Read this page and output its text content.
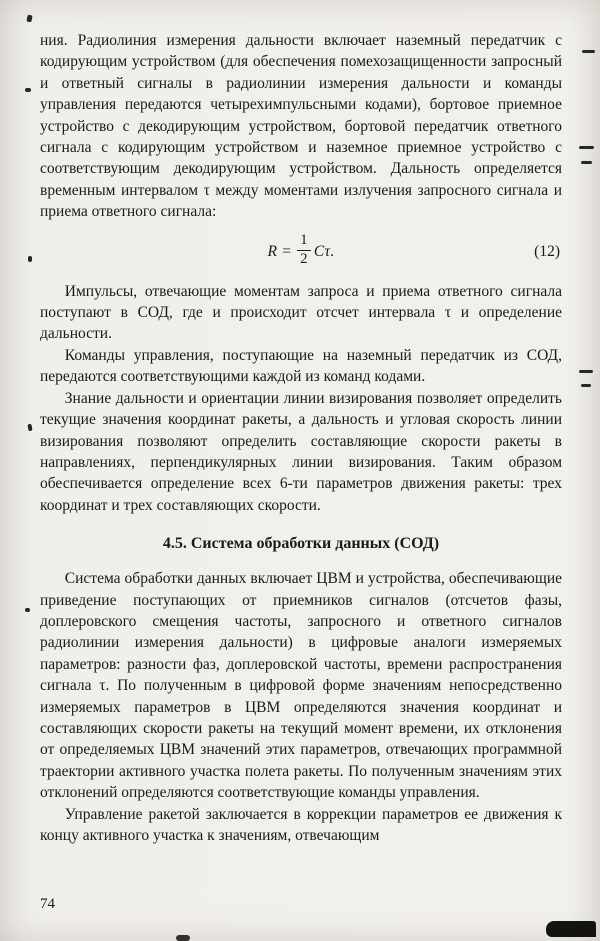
ния. Радиолиния измерения дальности включает наземный передатчик с кодирующим устройством (для обеспечения помехозащищенности запросный и ответный сигналы в радиолинии измерения дальности и команды управления передаются четырехимпульсными кодами), бортовое приемное устройство с декодирующим устройством, бортовой передатчик ответного сигнала с кодирующим устройством и наземное приемное устройство с соответствующим декодирующим устройством. Дальность определяется временным интервалом τ между моментами излучения запросного сигнала и приема ответного сигнала:

$R = \frac{1}{2} C\tau$.	(12)

Импульсы, отвечающие моментам запроса и приема ответного сигнала поступают в СОД, где и происходит отсчет интервала τ и определение дальности.

Команды управления, поступающие на наземный передатчик из СОД, передаются соответствующими каждой из команд кодами.

Знание дальности и ориентации линии визирования позволяет определить текущие значения координат ракеты, а дальность и угловая скорость линии визирования позволяют определить составляющие скорости ракеты в направлениях, перпендикулярных линии визирования. Таким образом обеспечивается определение всех 6-ти параметров движения ракеты: трех координат и трех составляющих скорости.

4.5. Система обработки данных (СОД)

Система обработки данных включает ЦВМ и устройства, обеспечивающие приведение поступающих от приемников сигналов (отсчетов фазы, доплеровского смещения частоты, запросного и ответного сигналов радиолинии измерения дальности) в цифровые аналоги измеряемых параметров: разности фаз, доплеровской частоты, времени распространения сигнала τ. По полученным в цифровой форме значениям непосредственно измеряемых параметров в ЦВМ определяются значения координат и составляющих скорости ракеты на текущий момент времени, их отклонения от определяемых ЦВМ значений этих параметров, отвечающих программной траектории активного участка полета ракеты. По полученным значениям этих отклонений определяются соответствующие команды управления.

Управление ракетой заключается в коррекции параметров ее движения к концу активного участка к значениям, отвечающим

74
